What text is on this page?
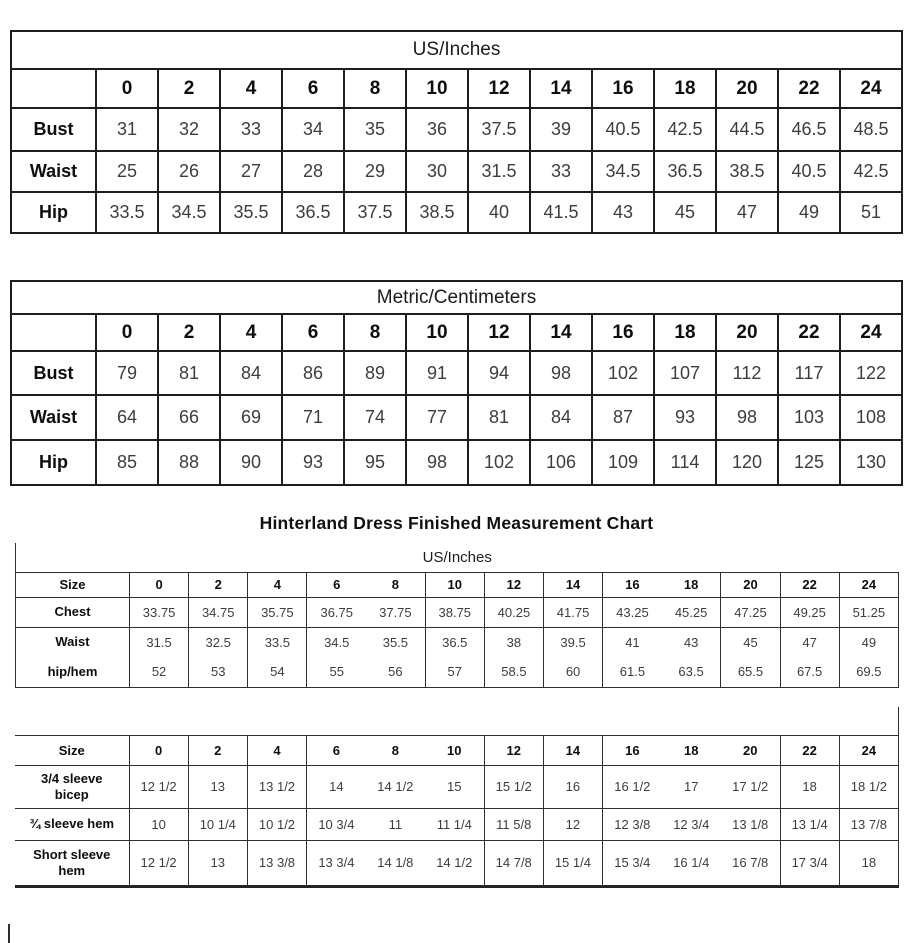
US/Inches													
	0	2	4	6	8	10	12	14	16	18	20	22	24
Bust	31	32	33	34	35	36	37.5	39	40.5	42.5	44.5	46.5	48.5
Waist	25	26	27	28	29	30	31.5	33	34.5	36.5	38.5	40.5	42.5
Hip	33.5	34.5	35.5	36.5	37.5	38.5	40	41.5	43	45	47	49	51
Metric/Centimeters													
	0	2	4	6	8	10	12	14	16	18	20	22	24
Bust	79	81	84	86	89	91	94	98	102	107	112	117	122
Waist	64	66	69	71	74	77	81	84	87	93	98	103	108
Hip	85	88	90	93	95	98	102	106	109	114	120	125	130
Hinterland Dress Finished Measurement Chart
US/Inches													
Size	0	2	4	6	8	10	12	14	16	18	20	22	24
Chest	33.75	34.75	35.75	36.75	37.75	38.75	40.25	41.75	43.25	45.25	47.25	49.25	51.25
Waist	31.5	32.5	33.5	34.5	35.5	36.5	38	39.5	41	43	45	47	49
hip/hem	52	53	54	55	56	57	58.5	60	61.5	63.5	65.5	67.5	69.5
Size	0	2	4	6	8	10	12	14	16	18	20	22	24
3/4 sleeve bicep	12 1/2	13	13 1/2	14	14 1/2	15	15 1/2	16	16 1/2	17	17 1/2	18	18 1/2
¾ sleeve hem	10	10 1/4	10 1/2	10 3/4	11	11 1/4	11 5/8	12	12 3/8	12 3/4	13 1/8	13 1/4	13 7/8
Short sleeve hem	12 1/2	13	13 3/8	13 3/4	14 1/8	14 1/2	14 7/8	15 1/4	15 3/4	16 1/4	16 7/8	17 3/4	18
